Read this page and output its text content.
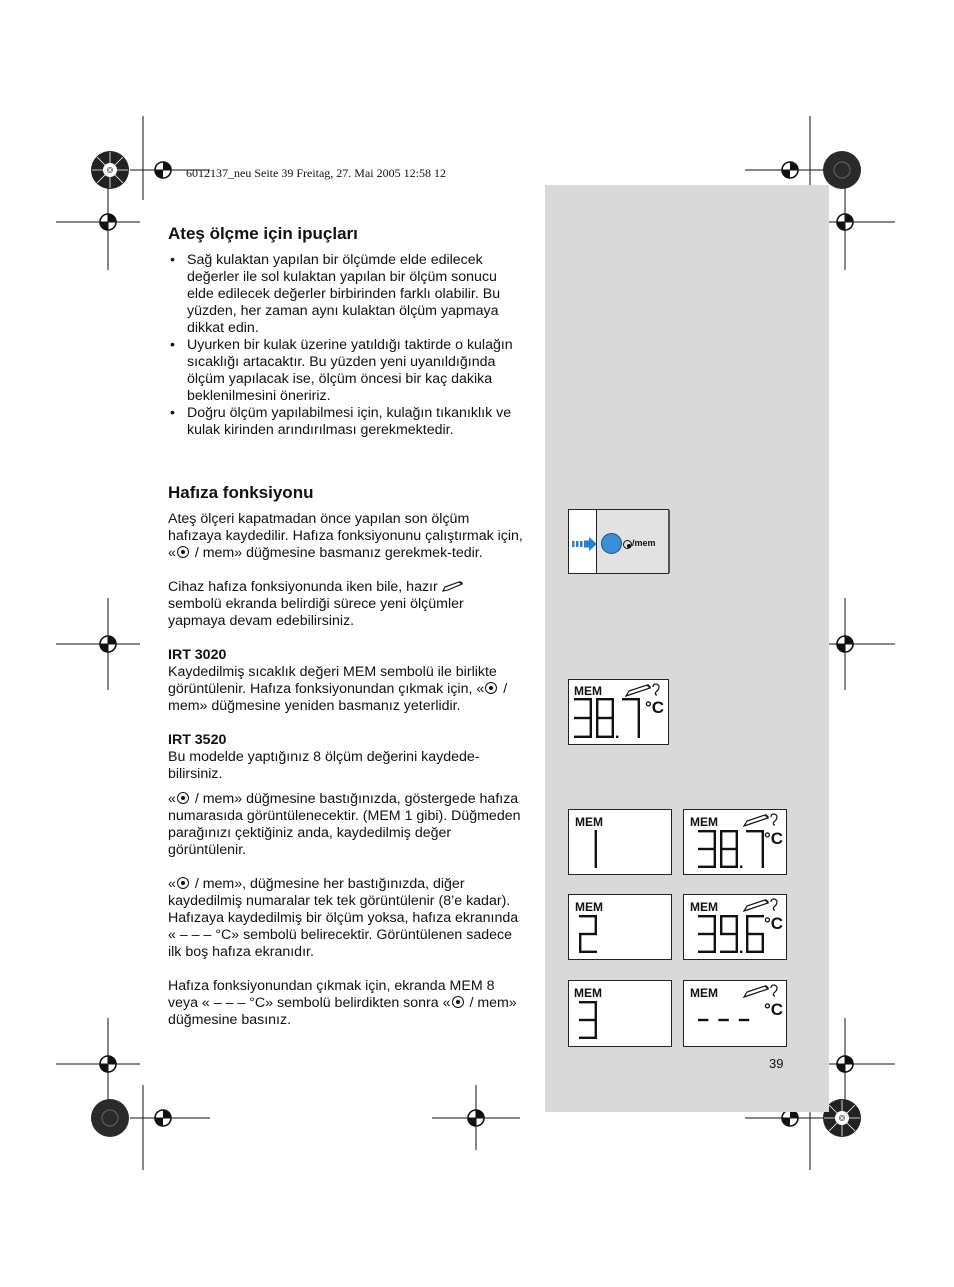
6012137_neu Seite 39 Freitag, 27. Mai 2005 12:58 12
Ateş ölçme için ipuçları
• Sağ kulaktan yapılan bir ölçümde elde edilecek değerler ile sol kulaktan yapılan bir ölçüm sonucu elde edilecek değerler birbirinden farklı olabilir. Bu yüzden, her zaman aynı kulaktan ölçüm yapmaya dikkat edin.
• Uyurken bir kulak üzerine yatıldığı taktirde o kulağın sıcaklığı artacaktır. Bu yüzden yeni uyanıldığında ölçüm yapılacak ise, ölçüm öncesi bir kaç dakika beklenilmesini öneririz.
• Doğru ölçüm yapılabilmesi için, kulağın tıkanıklık ve kulak kirinden arındırılması gerekmektedir.
Hafıza fonksiyonu

Ateş ölçeri kapatmadan önce yapılan son ölçüm hafızaya kaydedilir. Hafıza fonksiyonunu çalıştırmak için, « / mem» düğmesine basmanız gerekmek-tedir.

Cihaz hafıza fonksiyonunda iken bile, hazır
sembolü ekranda belirdiği sürece yeni ölçümler yapmaya devam edebilirsiniz.

IRT 3020

Kaydedilmiş sıcaklık değeri MEM sembolü ile birlikte görüntülenir. Hafıza fonksiyonundan çıkmak için, « / mem» düğmesine yeniden basmanız yeterlidir.

IRT 3520

Bu modelde yaptığınız 8 ölçüm değerini kaydede-bilirsiniz.

« / mem» düğmesine bastığınızda, göstergede hafıza numarasıda görüntülenecektir. (MEM 1 gibi). Düğmeden parağınızı çektiğiniz anda, kaydedilmiş değer görüntülenir.

« / mem», düğmesine her bastığınızda, diğer kaydedilmiş numaralar tek tek görüntülenir (8’e kadar). Hafızaya kaydedilmiş bir ölçüm yoksa, hafıza ekranında « – – – °C» sembolü belirecektir. Görüntülenen sadece ilk boş hafıza ekranıdır.

Hafıza fonksiyonundan çıkmak için, ekranda MEM 8 veya « – – – °C» sembolü belirdikten sonra « / mem» düğmesine basınız.

/mem
MEM
°C
MEM	MEM
°C
MEM	MEM
°C
MEM	MEM
°C
39
